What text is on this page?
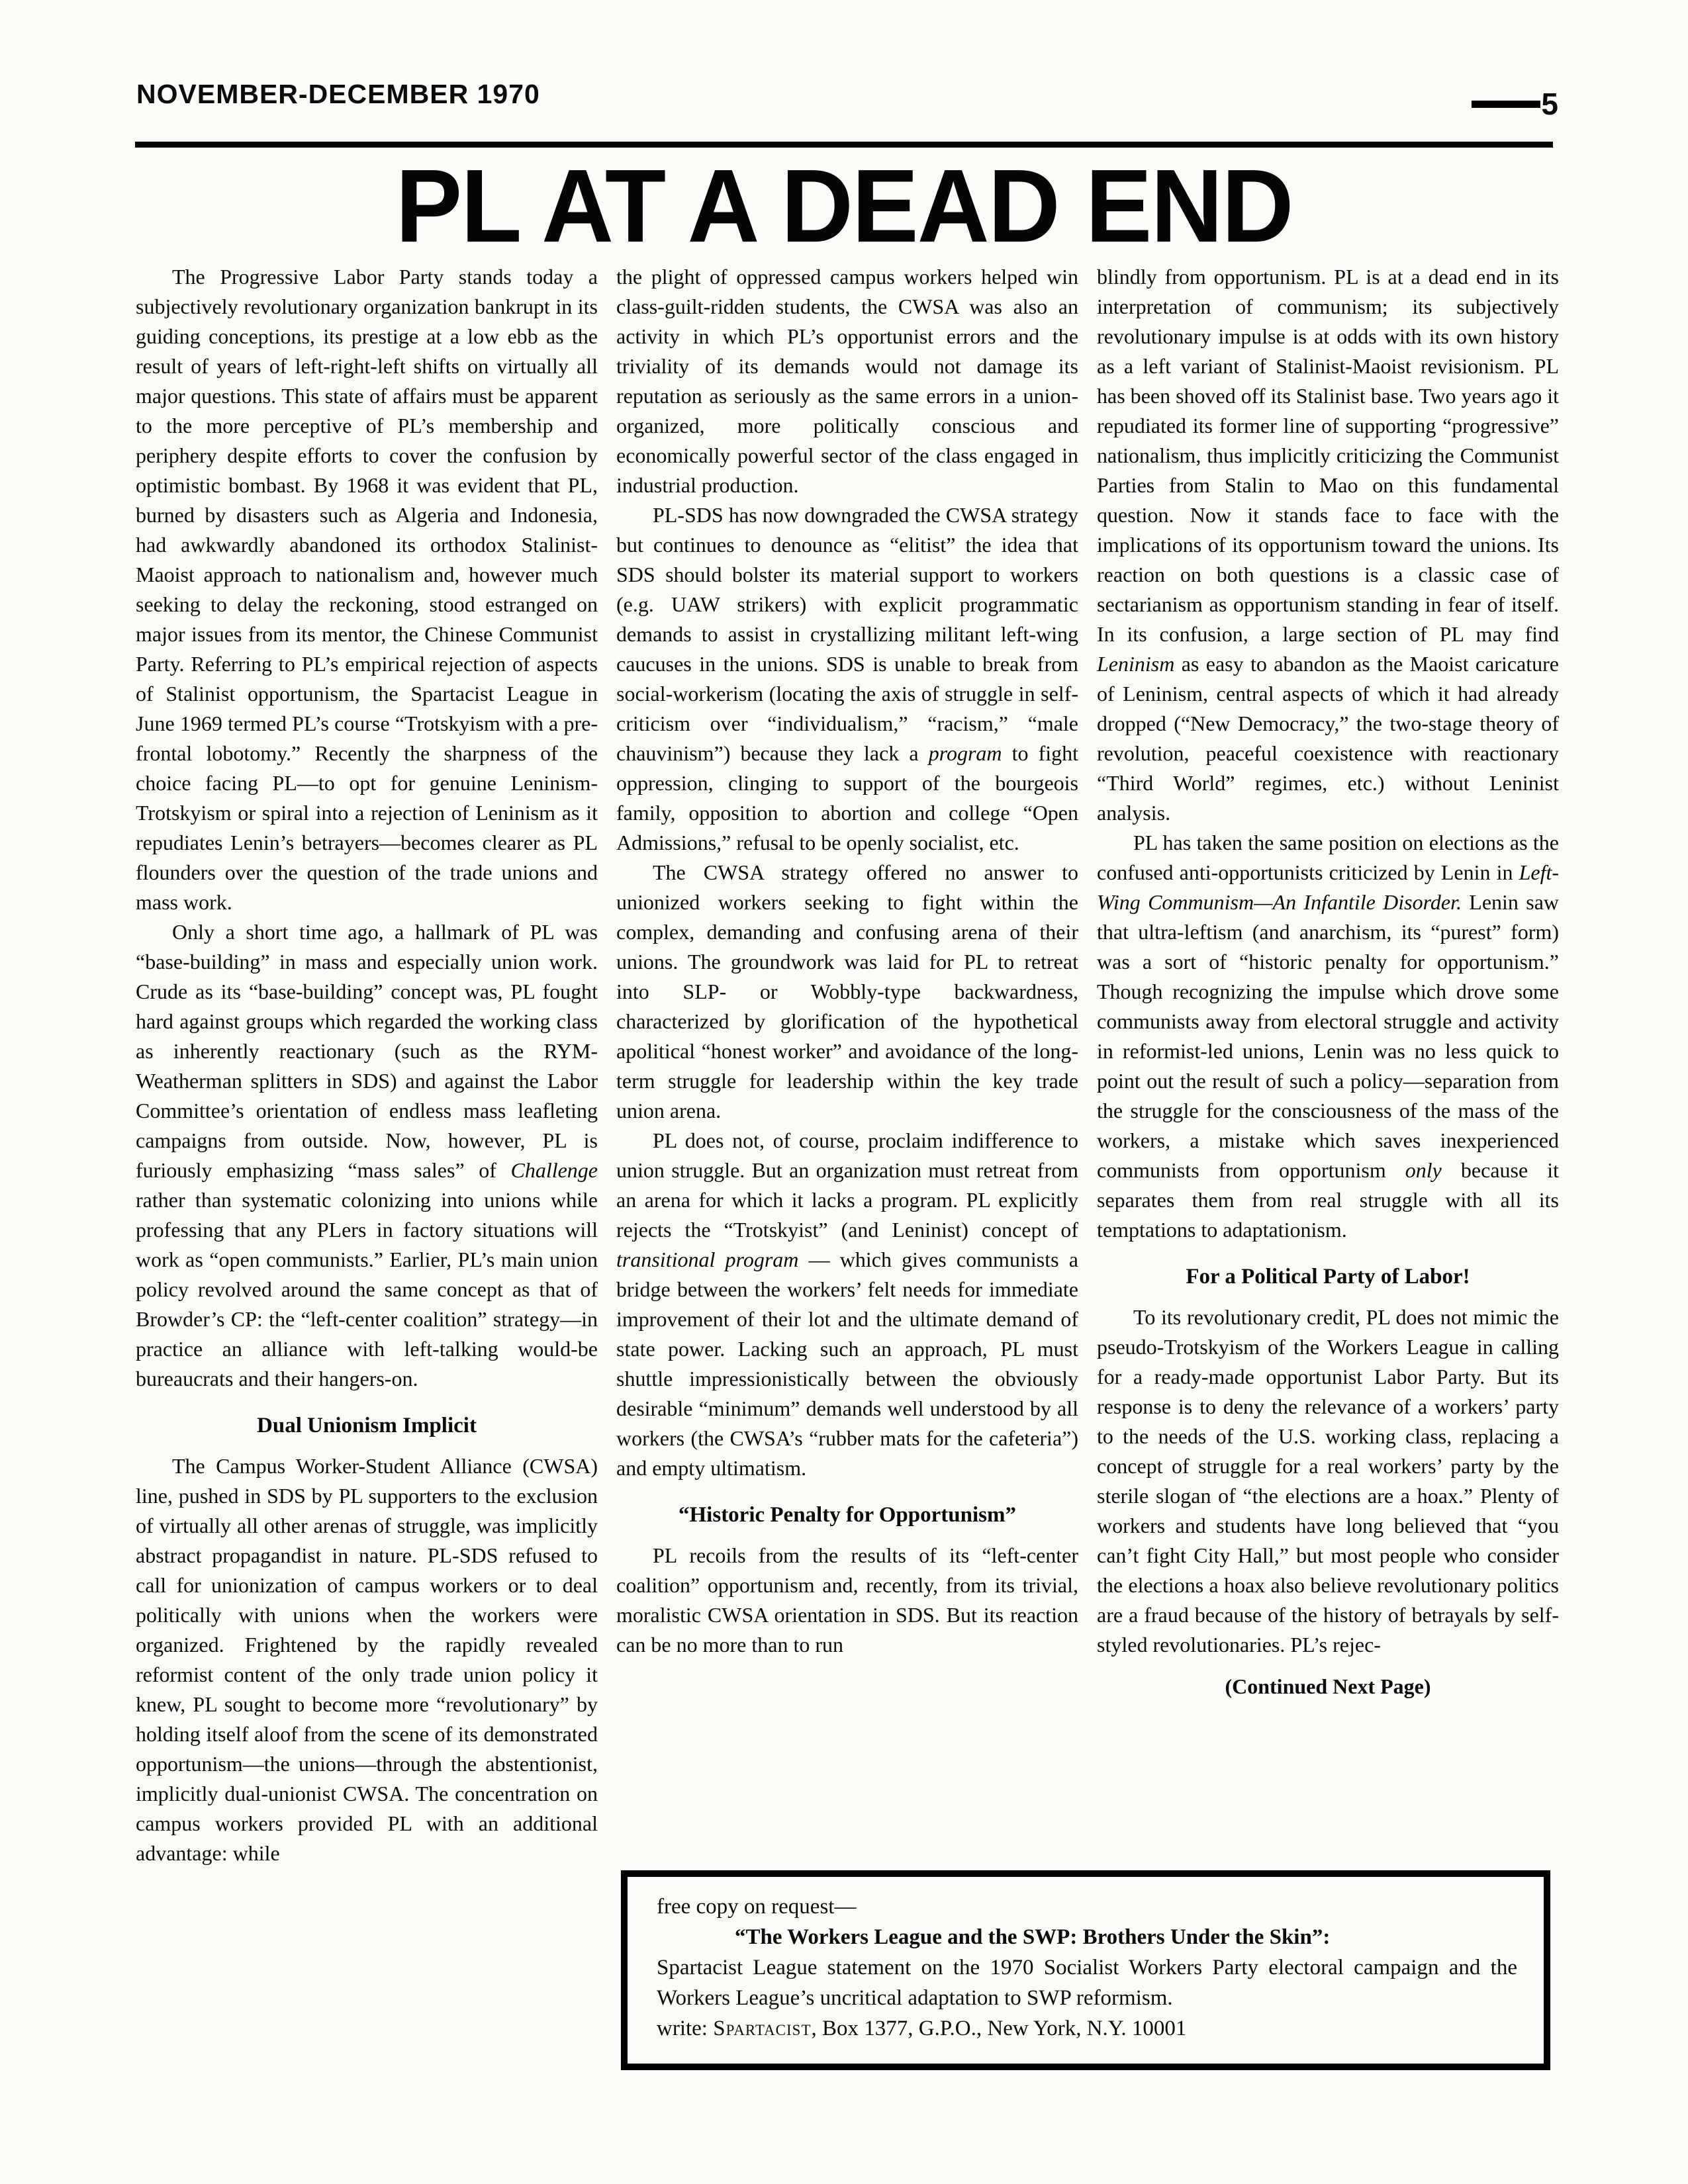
NOVEMBER-DECEMBER 1970	5
PL AT A DEAD END

The Progressive Labor Party stands today a subjectively revolutionary organization bankrupt in its guiding conceptions, its prestige at a low ebb as the result of years of left-right-left shifts on virtually all major questions. This state of affairs must be apparent to the more perceptive of PL’s membership and periphery despite efforts to cover the confusion by optimistic bombast. By 1968 it was evident that PL, burned by disasters such as Algeria and Indonesia, had awkwardly abandoned its orthodox Stalinist-Maoist approach to nationalism and, however much seeking to delay the reckoning, stood estranged on major issues from its mentor, the Chinese Communist Party. Referring to PL’s empirical rejection of aspects of Stalinist opportunism, the Spartacist League in June 1969 termed PL’s course “Trotskyism with a pre-frontal lobotomy.” Recently the sharpness of the choice facing PL—to opt for genuine Leninism-Trotskyism or spiral into a rejection of Leninism as it repudiates Lenin’s betrayers—becomes clearer as PL flounders over the question of the trade unions and mass work.

Only a short time ago, a hallmark of PL was “base-building” in mass and especially union work. Crude as its “base-building” concept was, PL fought hard against groups which regarded the working class as inherently reactionary (such as the RYM-Weatherman splitters in SDS) and against the Labor Committee’s orientation of endless mass leafleting campaigns from outside. Now, however, PL is furiously emphasizing “mass sales” of Challenge rather than systematic colonizing into unions while professing that any PLers in factory situations will work as “open communists.” Earlier, PL’s main union policy revolved around the same concept as that of Browder’s CP: the “left-center coalition” strategy—in practice an alliance with left-talking would-be bureaucrats and their hangers-on.

Dual Unionism Implicit

The Campus Worker-Student Alliance (CWSA) line, pushed in SDS by PL supporters to the exclusion of virtually all other arenas of struggle, was implicitly abstract propagandist in nature. PL-SDS refused to call for unionization of campus workers or to deal politically with unions when the workers were organized. Frightened by the rapidly revealed reformist content of the only trade union policy it knew, PL sought to become more “revolutionary” by holding itself aloof from the scene of its demonstrated opportunism—the unions—through the abstentionist, implicitly dual-unionist CWSA. The concentration on campus workers provided PL with an additional advantage: while

the plight of oppressed campus workers helped win class-guilt-ridden students, the CWSA was also an activity in which PL’s opportunist errors and the triviality of its demands would not damage its reputation as seriously as the same errors in a union-organized, more politically conscious and economically powerful sector of the class engaged in industrial production.

PL-SDS has now downgraded the CWSA strategy but continues to denounce as “elitist” the idea that SDS should bolster its material support to workers (e.g. UAW strikers) with explicit programmatic demands to assist in crystallizing militant left-wing caucuses in the unions. SDS is unable to break from social-workerism (locating the axis of struggle in self-criticism over “individualism,” “racism,” “male chauvinism”) because they lack a program to fight oppression, clinging to support of the bourgeois family, opposition to abortion and college “Open Admissions,” refusal to be openly socialist, etc.

The CWSA strategy offered no answer to unionized workers seeking to fight within the complex, demanding and confusing arena of their unions. The groundwork was laid for PL to retreat into SLP- or Wobbly-type backwardness, characterized by glorification of the hypothetical apolitical “honest worker” and avoidance of the long-term struggle for leadership within the key trade union arena.

PL does not, of course, proclaim indifference to union struggle. But an organization must retreat from an arena for which it lacks a program. PL explicitly rejects the “Trotskyist” (and Leninist) concept of transitional program — which gives communists a bridge between the workers’ felt needs for immediate improvement of their lot and the ultimate demand of state power. Lacking such an approach, PL must shuttle impressionistically between the obviously desirable “minimum” demands well understood by all workers (the CWSA’s “rubber mats for the cafeteria”) and empty ultimatism.

“Historic Penalty for Opportunism”

PL recoils from the results of its “left-center coalition” opportunism and, recently, from its trivial, moralistic CWSA orientation in SDS. But its reaction can be no more than to run

blindly from opportunism. PL is at a dead end in its interpretation of communism; its subjectively revolutionary impulse is at odds with its own history as a left variant of Stalinist-Maoist revisionism. PL has been shoved off its Stalinist base. Two years ago it repudiated its former line of supporting “progressive” nationalism, thus implicitly criticizing the Communist Parties from Stalin to Mao on this fundamental question. Now it stands face to face with the implications of its opportunism toward the unions. Its reaction on both questions is a classic case of sectarianism as opportunism standing in fear of itself. In its confusion, a large section of PL may find Leninism as easy to abandon as the Maoist caricature of Leninism, central aspects of which it had already dropped (“New Democracy,” the two-stage theory of revolution, peaceful coexistence with reactionary “Third World” regimes, etc.) without Leninist analysis.

PL has taken the same position on elections as the confused anti-opportunists criticized by Lenin in Left-Wing Communism—An Infantile Disorder. Lenin saw that ultra-leftism (and anarchism, its “purest” form) was a sort of “historic penalty for opportunism.” Though recognizing the impulse which drove some communists away from electoral struggle and activity in reformist-led unions, Lenin was no less quick to point out the result of such a policy—separation from the struggle for the consciousness of the mass of the workers, a mistake which saves inexperienced communists from opportunism only because it separates them from real struggle with all its temptations to adaptationism.

For a Political Party of Labor!

To its revolutionary credit, PL does not mimic the pseudo-Trotskyism of the Workers League in calling for a ready-made opportunist Labor Party. But its response is to deny the relevance of a workers’ party to the needs of the U.S. working class, replacing a concept of struggle for a real workers’ party by the sterile slogan of “the elections are a hoax.” Plenty of workers and students have long believed that “you can’t fight City Hall,” but most people who consider the elections a hoax also believe revolutionary politics are a fraud because of the history of betrayals by self-styled revolutionaries. PL’s rejec-

(Continued Next Page)

free copy on request—

“The Workers League and the SWP: Brothers Under the Skin”:

Spartacist League statement on the 1970 Socialist Workers Party electoral campaign and the Workers League’s uncritical adaptation to SWP reformism.

write: Spartacist, Box 1377, G.P.O., New York, N.Y. 10001
